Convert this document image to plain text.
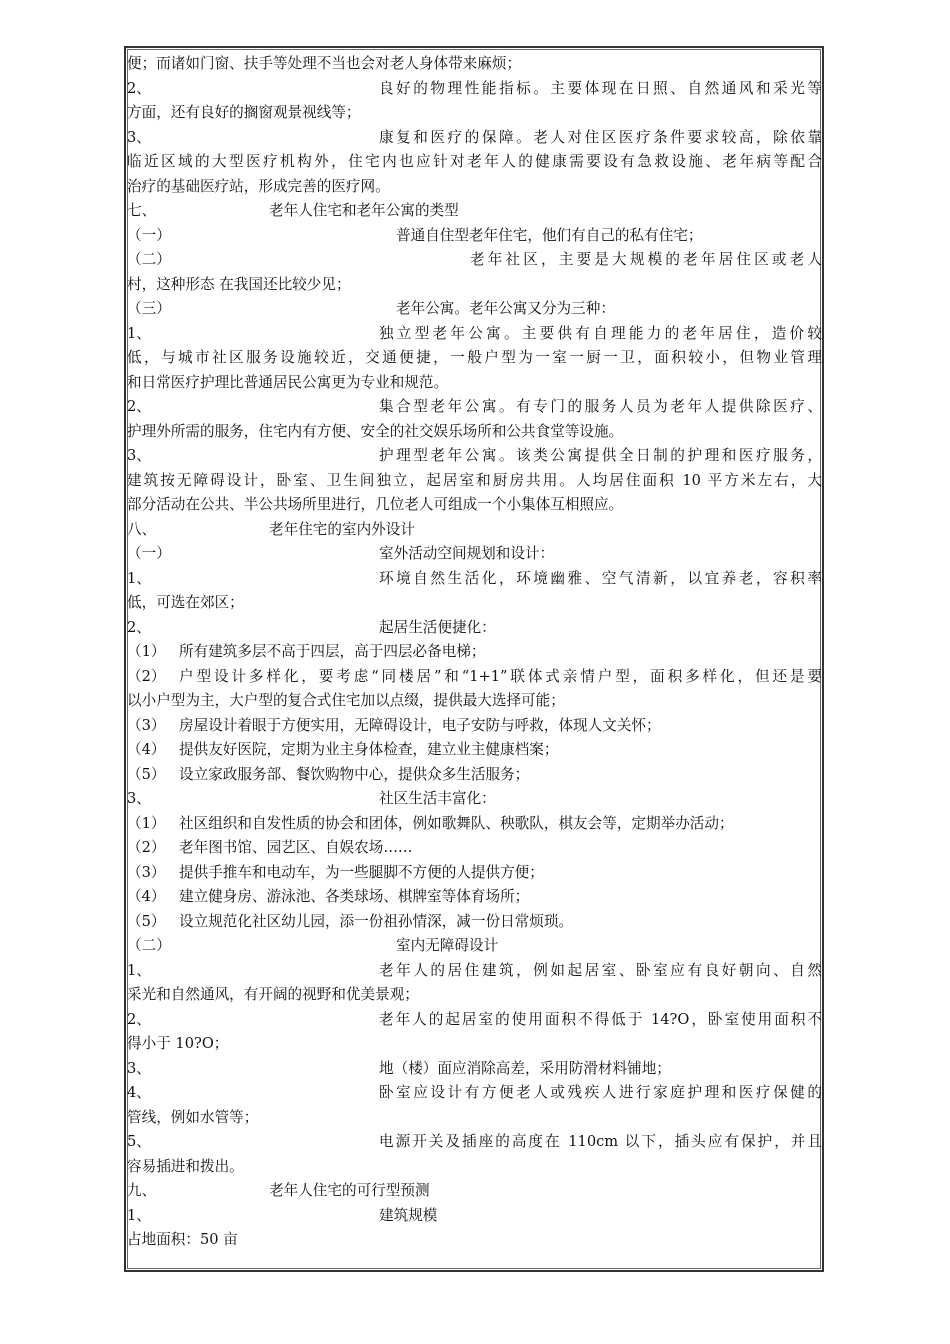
便；而诸如门窗、扶手等处理不当也会对老人身体带来麻烦；
2、	良好的物理性能指标。主要体现在日照、自然通风和采光等
方面，还有良好的搁窗观景视线等；
3、	康复和医疗的保障。老人对住区医疗条件要求较高，除依靠
临近区域的大型医疗机构外，住宅内也应针对老年人的健康需要设有急救设施、老年病等配合
治疗的基础医疗站，形成完善的医疗网。
七、	老年人住宅和老年公寓的类型
（一）	普通自住型老年住宅，他们有自己的私有住宅；
（二）	老年社区，主要是大规模的老年居住区或老人
村，这种形态 在我国还比较少见；
（三）	老年公寓。老年公寓又分为三种：
1、	独立型老年公寓。主要供有自理能力的老年居住，造价较
低，与城市社区服务设施较近，交通便捷，一般户型为一室一厨一卫，面积较小，但物业管理
和日常医疗护理比普通居民公寓更为专业和规范。
2、	集合型老年公寓。有专门的服务人员为老年人提供除医疗、
护理外所需的服务，住宅内有方便、安全的社交娱乐场所和公共食堂等设施。
3、	护理型老年公寓。该类公寓提供全日制的护理和医疗服务，
建筑按无障碍设计，卧室、卫生间独立，起居室和厨房共用。人均居住面积 10 平方米左右，大
部分活动在公共、半公共场所里进行，几位老人可组成一个小集体互相照应。
八、	老年住宅的室内外设计
（一）	室外活动空间规划和设计：
1、	环境自然生活化，环境幽雅、空气清新，以宜养老，容积率
低，可选在郊区；
2、	起居生活便捷化：
（1） 所有建筑多层不高于四层，高于四层必备电梯；
（2） 户型设计多样化，要考虑“同楼居”和“1+1”联体式亲情户型，面积多样化，但还是要
以小户型为主，大户型的复合式住宅加以点缀，提供最大选择可能；
（3） 房屋设计着眼于方便实用，无障碍设计，电子安防与呼救，体现人文关怀；
（4） 提供友好医院，定期为业主身体检查，建立业主健康档案；
（5） 设立家政服务部、餐饮购物中心，提供众多生活服务；
3、	社区生活丰富化：
（1） 社区组织和自发性质的协会和团体，例如歌舞队、秧歌队，棋友会等，定期举办活动；
（2） 老年图书馆、园艺区、自娱农场……
（3） 提供手推车和电动车，为一些腿脚不方便的人提供方便；
（4） 建立健身房、游泳池、各类球场、棋牌室等体育场所；
（5） 设立规范化社区幼儿园，添一份祖孙情深，减一份日常烦琐。
（二）	室内无障碍设计
1、	老年人的居住建筑，例如起居室、卧室应有良好朝向、自然
采光和自然通风，有开阔的视野和优美景观；
2、	老年人的起居室的使用面积不得低于 14?O，卧室使用面积不
得小于 10?O；
3、	地（楼）面应消除高差，采用防滑材料铺地；
4、	卧室应设计有方便老人或残疾人进行家庭护理和医疗保健的
管线，例如水管等；
5、	电源开关及插座的高度在 110cm 以下，插头应有保护，并且
容易插进和拨出。
九、	老年人住宅的可行型预测
1、	建筑规模
占地面积：50 亩
